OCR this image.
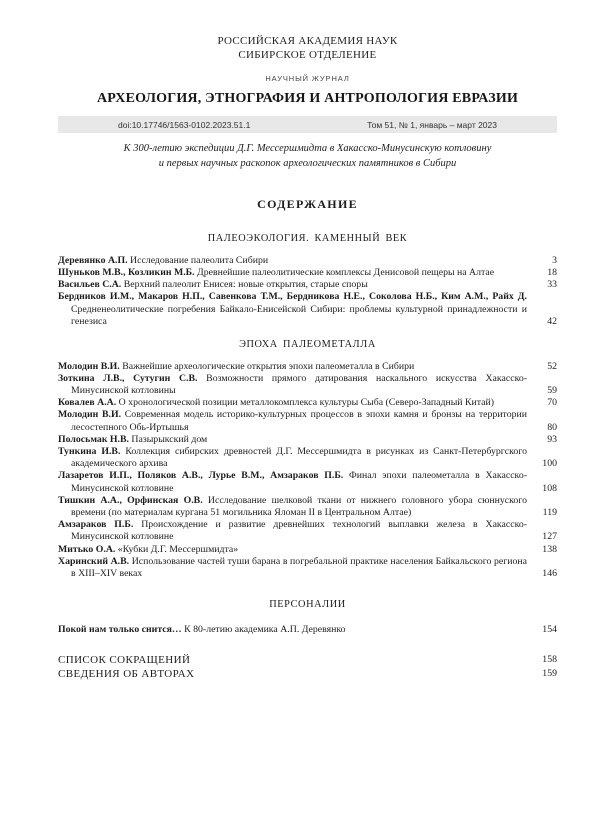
РОССИЙСКАЯ АКАДЕМИЯ НАУК
СИБИРСКОЕ ОТДЕЛЕНИЕ
НАУЧНЫЙ ЖУРНАЛ
АРХЕОЛОГИЯ, ЭТНОГРАФИЯ И АНТРОПОЛОГИЯ ЕВРАЗИИ
doi:10.17746/1563-0102.2023.51.1	Том 51, № 1, январь – март 2023
К 300-летию экспедиции Д.Г. Мессершмидта в Хакасско-Минусинскую котловину
и первых научных раскопок археологических памятников в Сибири
СОДЕРЖАНИЕ
ПАЛЕОЭКОЛОГИЯ. КАМЕННЫЙ ВЕК
Деревянко А.П. Исследование палеолита Сибири	3
Шуньков М.В., Козликин М.Б. Древнейшие палеолитические комплексы Денисовой пещеры на Алтае	18
Васильев С.А. Верхний палеолит Енисея: новые открытия, старые споры	33
Бердников И.М., Макаров Н.П., Савенкова Т.М., Бердникова Н.Е., Соколова Н.Б., Ким А.М., Райх Д. Средненеолитические погребения Байкало-Енисейской Сибири: проблемы культурной принадлежности и генезиса	42
ЭПОХА ПАЛЕОМЕТАЛЛА
Молодин В.И. Важнейшие археологические открытия эпохи палеометалла в Сибири	52
Зоткина Л.В., Сутугин С.В. Возможности прямого датирования наскального искусства Хакасско-Минусинской котловины	59
Ковалев А.А. О хронологической позиции металлокомплекса культуры Сыба (Северо-Западный Китай)	70
Молодин В.И. Современная модель историко-культурных процессов в эпохи камня и бронзы на территории лесостепного Обь-Иртышья	80
Полосьмак Н.В. Пазырыкский дом	93
Тункина И.В. Коллекция сибирских древностей Д.Г. Мессершмидта в рисунках из Санкт-Петербургского академического архива	100
Лазаретов И.П., Поляков А.В., Лурье В.М., Амзараков П.Б. Финал эпохи палеометалла в Хакасско-Минусинской котловине	108
Тишкин А.А., Орфинская О.В. Исследование шелковой ткани от нижнего головного убора сюннуского времени (по материалам кургана 51 могильника Яломан II в Центральном Алтае)	119
Амзараков П.Б. Происхождение и развитие древнейших технологий выплавки железа в Хакасско-Минусинской котловине	127
Митько О.А. «Кубки Д.Г. Мессершмидта»	138
Харинский А.В. Использование частей туши барана в погребальной практике населения Байкальского региона в XIII–XIV веках	146
ПЕРСОНАЛИИ
Покой нам только снится… К 80-летию академика А.П. Деревянко	154
СПИСОК СОКРАЩЕНИЙ	158
СВЕДЕНИЯ ОБ АВТОРАХ	159
